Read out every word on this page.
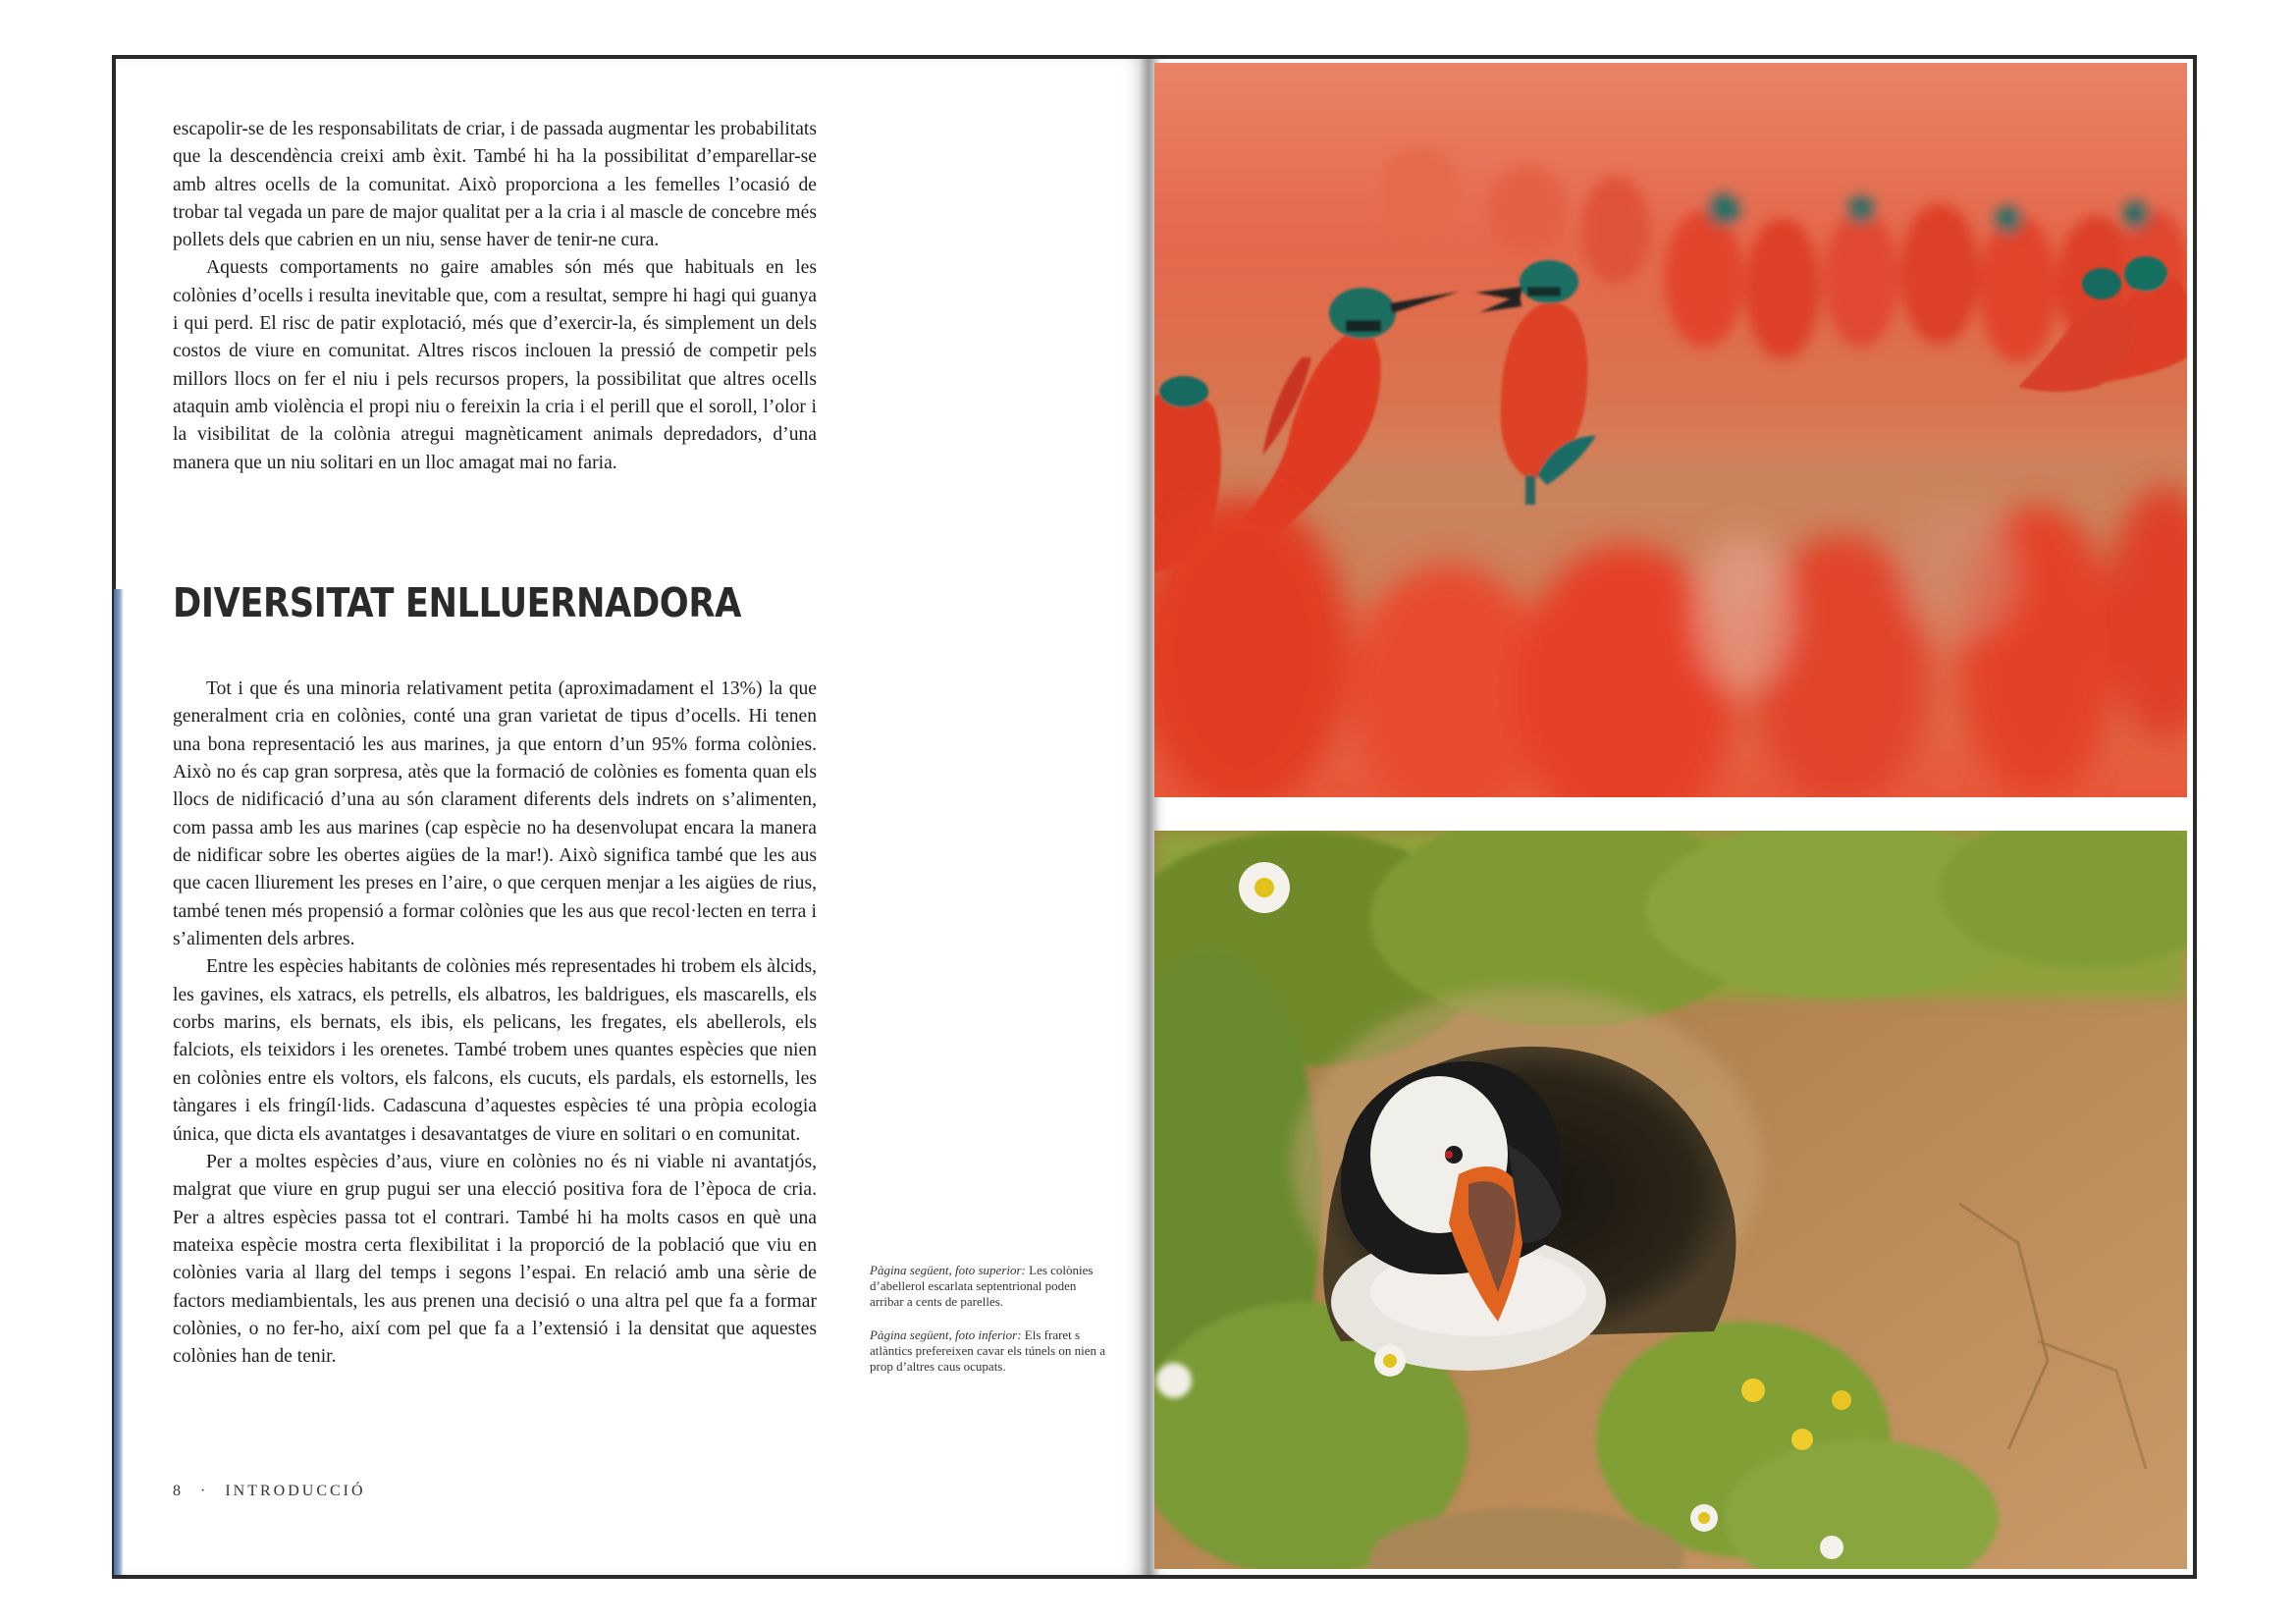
escapolir-se de les responsabilitats de criar, i de passada augmentar les probabilitats que la descendència creixi amb èxit. També hi ha la possibilitat d’emparellar-se amb altres ocells de la comunitat. Això proporciona a les femelles l’ocasió de trobar tal vegada un pare de major qualitat per a la cria i al mascle de concebre més pollets dels que cabrien en un niu, sense haver de tenir-ne cura.

Aquests comportaments no gaire amables són més que habituals en les colònies d’ocells i resulta inevitable que, com a resultat, sempre hi hagi qui guanya i qui perd. El risc de patir explotació, més que d’exercir-la, és simplement un dels costos de viure en comunitat. Altres riscos inclouen la pressió de competir pels millors llocs on fer el niu i pels recursos propers, la possibilitat que altres ocells ataquin amb violència el propi niu o fereixin la cria i el perill que el soroll, l’olor i la visibilitat de la colònia atregui magnèticament animals depredadors, d’una manera que un niu solitari en un lloc amagat mai no faria.

DIVERSITAT ENLLUERNADORA

Tot i que és una minoria relativament petita (aproximadament el 13%) la que generalment cria en colònies, conté una gran varietat de tipus d’ocells. Hi tenen una bona representació les aus marines, ja que entorn d’un 95% forma colònies. Això no és cap gran sorpresa, atès que la formació de colònies es fomenta quan els llocs de nidificació d’una au són clarament diferents dels indrets on s’alimenten, com passa amb les aus marines (cap espècie no ha desenvolupat encara la manera de nidificar sobre les obertes aigües de la mar!). Això significa també que les aus que cacen lliurement les preses en l’aire, o que cerquen menjar a les aigües de rius, també tenen més propensió a formar colònies que les aus que recol·lecten en terra i s’alimenten dels arbres.

Entre les espècies habitants de colònies més representades hi trobem els àlcids, les gavines, els xatracs, els petrells, els albatros, les baldrigues, els mascarells, els corbs marins, els bernats, els ibis, els pelicans, les fregates, els abellerols, els falciots, els teixidors i les orenetes. També trobem unes quantes espècies que nien en colònies entre els voltors, els falcons, els cucuts, els pardals, els estornells, les tàngares i els fringíl·lids. Cadascuna d’aquestes espècies té una pròpia ecologia única, que dicta els avantatges i desavantatges de viure en solitari o en comunitat.

Per a moltes espècies d’aus, viure en colònies no és ni viable ni avantatjós, malgrat que viure en grup pugui ser una elecció positiva fora de l’època de cria. Per a altres espècies passa tot el contrari. També hi ha molts casos en què una mateixa espècie mostra certa flexibilitat i la proporció de la població que viu en colònies varia al llarg del temps i segons l’espai. En relació amb una sèrie de factors mediambientals, les aus prenen una decisió o una altra pel que fa a formar colònies, o no fer-ho, així com pel que fa a l’extensió i la densitat que aquestes colònies han de tenir.

8 · INTRODUCCIÓ

Pàgina següent, foto superior: Les colònies d’abellerol escarlata septentrional poden arribar a cents de parelles.

Pàgina següent, foto inferior: Els fraret s atlàntics prefereixen cavar els túnels on nien a prop d’altres caus ocupats.
